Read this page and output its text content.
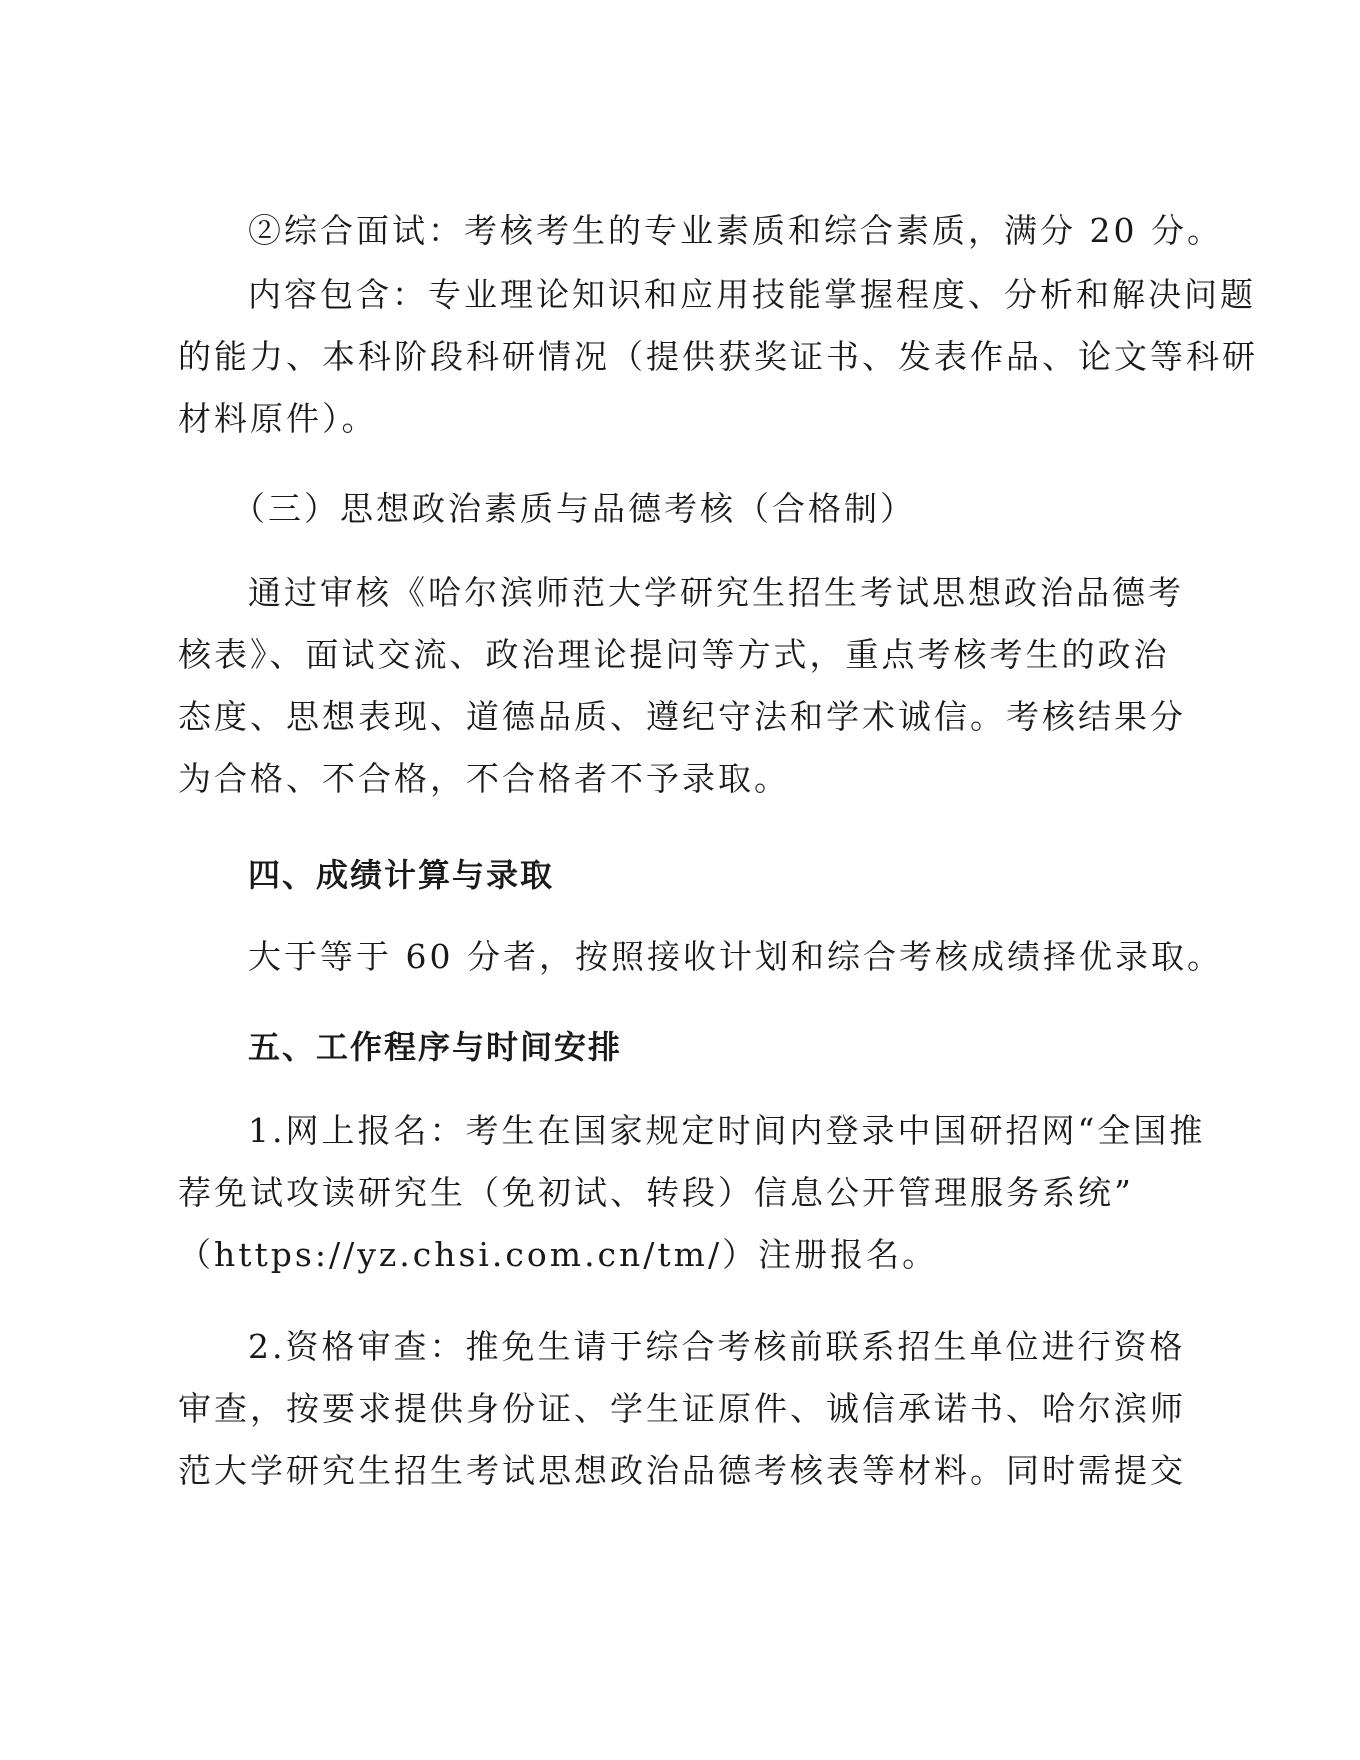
②综合面试：考核考生的专业素质和综合素质，满分 20 分。
内容包含：专业理论知识和应用技能掌握程度、分析和解决问题
的能力、本科阶段科研情况（提供获奖证书、发表作品、论文等科研
材料原件）。
（三）思想政治素质与品德考核（合格制）
通过审核《哈尔滨师范大学研究生招生考试思想政治品德考
核表》、面试交流、政治理论提问等方式，重点考核考生的政治
态度、思想表现、道德品质、遵纪守法和学术诚信。考核结果分
为合格、不合格，不合格者不予录取。
四、成绩计算与录取
大于等于 60 分者，按照接收计划和综合考核成绩择优录取。
五、工作程序与时间安排
1.网上报名：考生在国家规定时间内登录中国研招网“全国推
荐免试攻读研究生（免初试、转段）信息公开管理服务系统”
（https://yz.chsi.com.cn/tm/）注册报名。
2.资格审查：推免生请于综合考核前联系招生单位进行资格
审查，按要求提供身份证、学生证原件、诚信承诺书、哈尔滨师
范大学研究生招生考试思想政治品德考核表等材料。同时需提交
